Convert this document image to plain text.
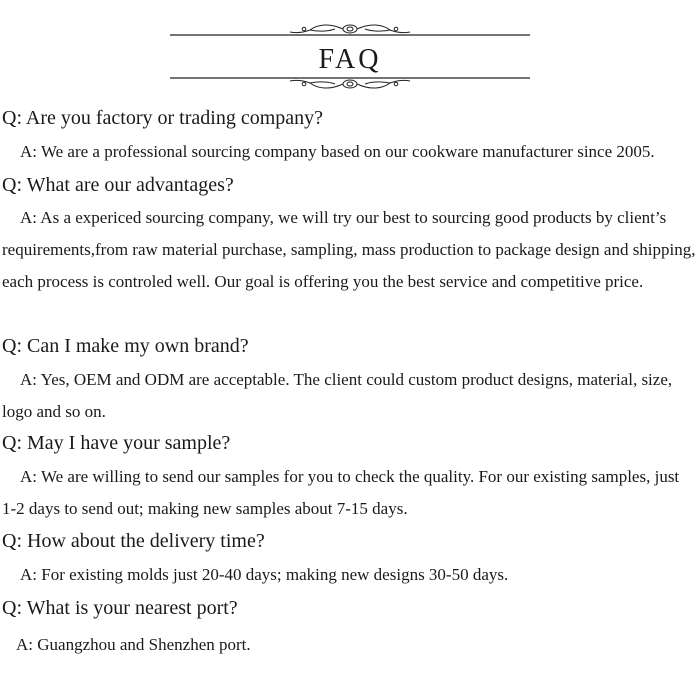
FAQ
Q: Are you factory or trading company?
A: We are a professional sourcing company based on our cookware manufacturer since 2005.
Q: What are our advantages?
A: As a expericed sourcing company, we will try our best to sourcing good products by client’s requirements,from raw material purchase, sampling, mass production to package design and shipping, each process is controled well. Our goal is offering you the best service and competitive price.
Q: Can I make my own brand?
A: Yes, OEM and ODM are acceptable. The client could custom product designs, material, size, logo and so on.
Q: May I have your sample?
A: We are willing to send our samples for you to check the quality. For our existing samples, just 1-2 days to send out; making new samples about 7-15 days.
Q: How about the delivery time?
A: For existing molds just 20-40 days; making new designs 30-50 days.
Q: What is your nearest port?
A: Guangzhou and Shenzhen port.
